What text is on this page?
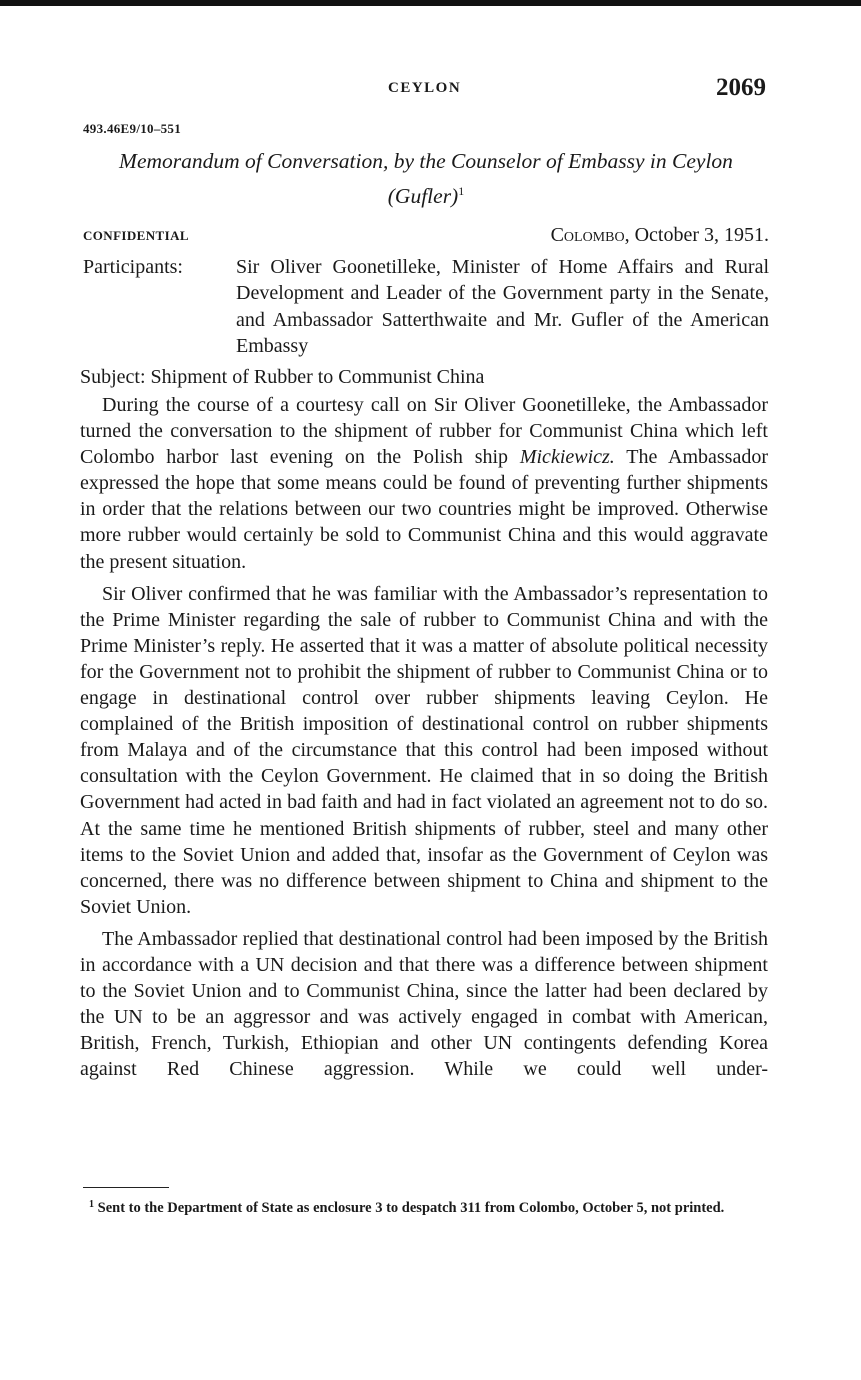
CEYLON	2069
493.46E9/10–551
Memorandum of Conversation, by the Counselor of Embassy in Ceylon (Gufler)$^1$
CONFIDENTIAL	Colombo, October 3, 1951.
Participants:	Sir Oliver Goonetilleke, Minister of Home Affairs and Rural Development and Leader of the Government party in the Senate, and Ambassador Satterthwaite and Mr. Gufler of the American Embassy
Subject: Shipment of Rubber to Communist China

During the course of a courtesy call on Sir Oliver Goonetilleke, the Ambassador turned the conversation to the shipment of rubber for Communist China which left Colombo harbor last evening on the Polish ship Mickiewicz. The Ambassador expressed the hope that some means could be found of preventing further shipments in order that the relations between our two countries might be improved. Otherwise more rubber would certainly be sold to Communist China and this would aggravate the present situation.

Sir Oliver confirmed that he was familiar with the Ambassador’s representation to the Prime Minister regarding the sale of rubber to Communist China and with the Prime Minister’s reply. He asserted that it was a matter of absolute political necessity for the Government not to prohibit the shipment of rubber to Communist China or to engage in destinational control over rubber shipments leaving Ceylon. He complained of the British imposition of destinational control on rubber shipments from Malaya and of the circumstance that this control had been imposed without consultation with the Ceylon Government. He claimed that in so doing the British Government had acted in bad faith and had in fact violated an agreement not to do so. At the same time he mentioned British shipments of rubber, steel and many other items to the Soviet Union and added that, insofar as the Government of Ceylon was concerned, there was no difference between shipment to China and shipment to the Soviet Union.

The Ambassador replied that destinational control had been imposed by the British in accordance with a UN decision and that there was a difference between shipment to the Soviet Union and to Communist China, since the latter had been declared by the UN to be an aggressor and was actively engaged in combat with American, British, French, Turkish, Ethiopian and other UN contingents defending Korea against Red Chinese aggression. While we could well under-

$^1$ Sent to the Department of State as enclosure 3 to despatch 311 from Colombo, October 5, not printed.
